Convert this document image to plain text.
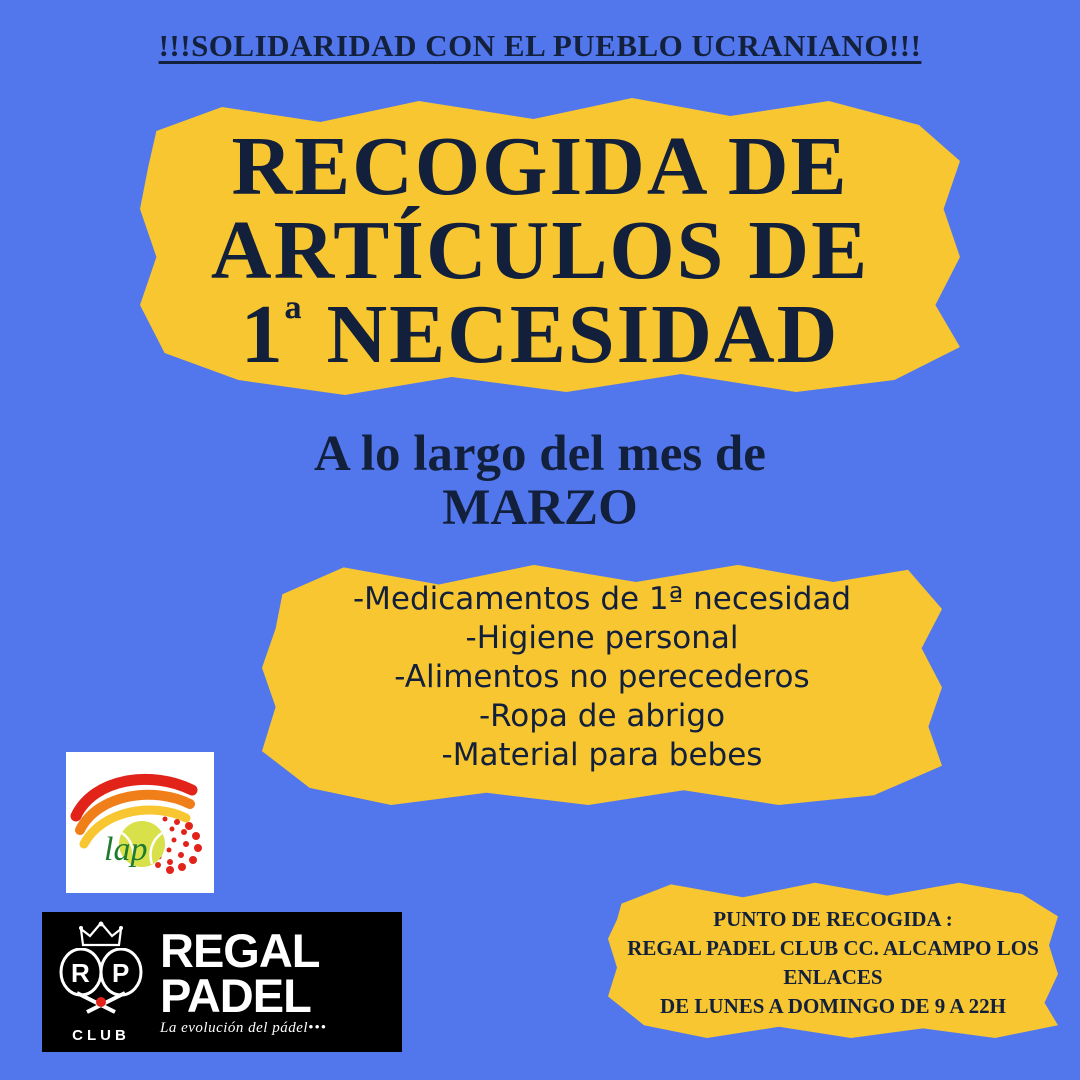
!!!SOLIDARIDAD CON EL PUEBLO UCRANIANO!!!
RECOGIDA DE
ARTÍCULOS DE
$1^ª$ NECESIDAD
A lo largo del mes de
MARZO
-Medicamentos de 1ª necesidad
-Higiene personal
-Alimentos no perecederos
-Ropa de abrigo
-Material para bebes
PUNTO DE RECOGIDA :
REGAL PADEL CLUB CC. ALCAMPO LOS
ENLACES
DE LUNES A DOMINGO DE 9 A 22H
lap
R P
CLUB
REGAL
PADEL
La evolución del pádel•••
